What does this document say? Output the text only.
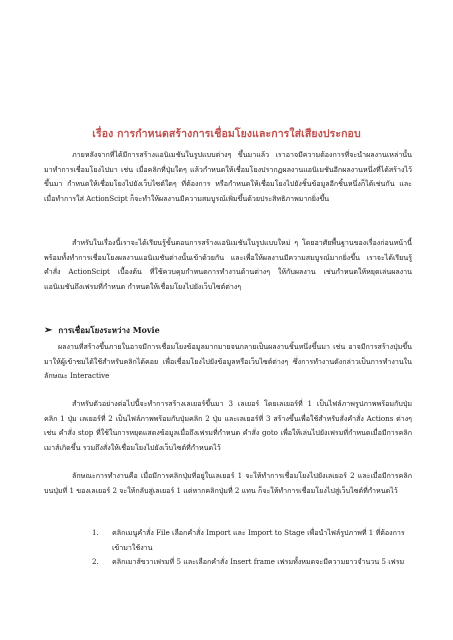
เรื่อง การกำหนดสร้างการเชื่อมโยงและการใส่เสียงประกอบ
ภายหลังจากที่ได้มีการสร้างแอนิเมชันในรูปแบบต่างๆ ขึ้นมาแล้ว เราอาจมีความต้องการที่จะนำผลงานเหล่านั้นมาทำการเชื่อมโยงไปมา เช่น เมื่อคลิกที่ปุ่มใดๆ แล้วกำหนดให้เชื่อมโยงปรากฏผลงานแอนิเมชันอีกผลงานหนึ่งที่ได้สร้างไว้ขึ้นมา กำหนดให้เชื่อมโยงไปยังเว็บไซต์ใดๆ ที่ต้องการ หรือกำหนดให้เชื่อมโยงไปยังชิ้นข้อมูลอีกชิ้นหนึ่งก็ได้เช่นกัน และเมื่อทำการใส่ ActionScipt ก็จะทำให้ผลงานมีความสมบูรณ์เพิ่มขึ้นด้วยประสิทธิภาพมากยิ่งขึ้น
สำหรับในเรื่องนี้เราจะได้เรียนรู้ขั้นตอนการสร้างแอนิเมชันในรูปแบบใหม่ ๆ โดยอาศัยพื้นฐานของเรื่องก่อนหน้านี้ พร้อมทั้งทำการเชื่อมโยงผลงานแอนิเมชันต่างนั้นเข้าด้วยกัน และเพื่อให้ผลงานมีความสมบูรณ์มากยิ่งขึ้น เราจะได้เรียนรู้ คำสั่ง ActionScipt เบื้องต้น ที่ใช้ควบคุมกำหนดการทำงานด้านต่างๆ ให้กับผลงาน เช่นกำหนดให้หยุดเล่นผลงาน แอนิเมชันถึงเฟรมที่กำหนด กำหนดให้เชื่อมโยงไปยังเว็บไซต์ต่างๆ
➢ การเชื่อมโยงระหว่าง Movie
ผลงานที่สร้างขึ้นภายในอาจมีการเชื่อมโยงข้อมูลมากมายจนกลายเป็นผลงานชิ้นหนึ่งขึ้นมา เช่น อาจมีการสร้างปุ่มขึ้นมาให้ผู้เข้าชมได้ใช้สำหรับคลิกได้คอย เพื่อเชื่อมโยงไปยังข้อมูลหรือเว็บไซต์ต่างๆ ซึ่งการทำงานดังกล่าวเป็นการทำงานในลักษณะ Interactive
สำหรับตัวอย่างต่อไปนี้จะทำการสร้างเลเยอร์ขึ้นมา 3 เลเยอร์ โดยเลเยอร์ที่ 1 เป็นไฟล์ภาพรูปภาพพร้อมกับปุ่มคลิก 1 ปุ่ม เลเยอร์ที่ 2 เป็นไฟล์ภาพพร้อมกับปุ่มคลิก 2 ปุ่ม และเลเยอร์ที่ 3 สร้างขึ้นเพื่อใช้สำหรับสั่งคำสั่ง Actions ต่างๆ เช่น คำสั่ง stop ที่ใช้ในการหยุดแสดงข้อมูลเมื่อถึงเฟรมที่กำหนด คำสั่ง goto เพื่อให้เล่นไปยังเฟรมที่กำหนดเมื่อมีการคลิกเมาส์เกิดขึ้น รวมถึงสั่งให้เชื่อมโยงไปยังเว็บไซต์ที่กำหนดไว้
ลักษณะการทำงานคือ เมื่อมีการคลิกปุ่มที่อยู่ในเลเยอร์ 1 จะให้ทำการเชื่อมโยงไปยังเลเยอร์ 2 และเมื่อมีการคลิกบนปุ่มที่ 1 ของเลเยอร์ 2 จะให้กลับสู่เลเยอร์ 1 แต่หากคลิกปุ่มที่ 2 แทน ก็จะให้ทำการเชื่อมโยงไปสู่เว็บไซต์ที่กำหนดไว้
1.	คลิกเมนูคำสั่ง File เลือกคำสั่ง Import และ Import to Stage เพื่อนำไฟล์รูปภาพที่ 1 ที่ต้องการเข้ามาใช้งาน
2.	คลิกเมาส์ขวาเฟรมที่ 5 และเลือกคำสั่ง Insert frame เฟรมทั้งหมดจะมีความยาวจำนวน 5 เฟรม
